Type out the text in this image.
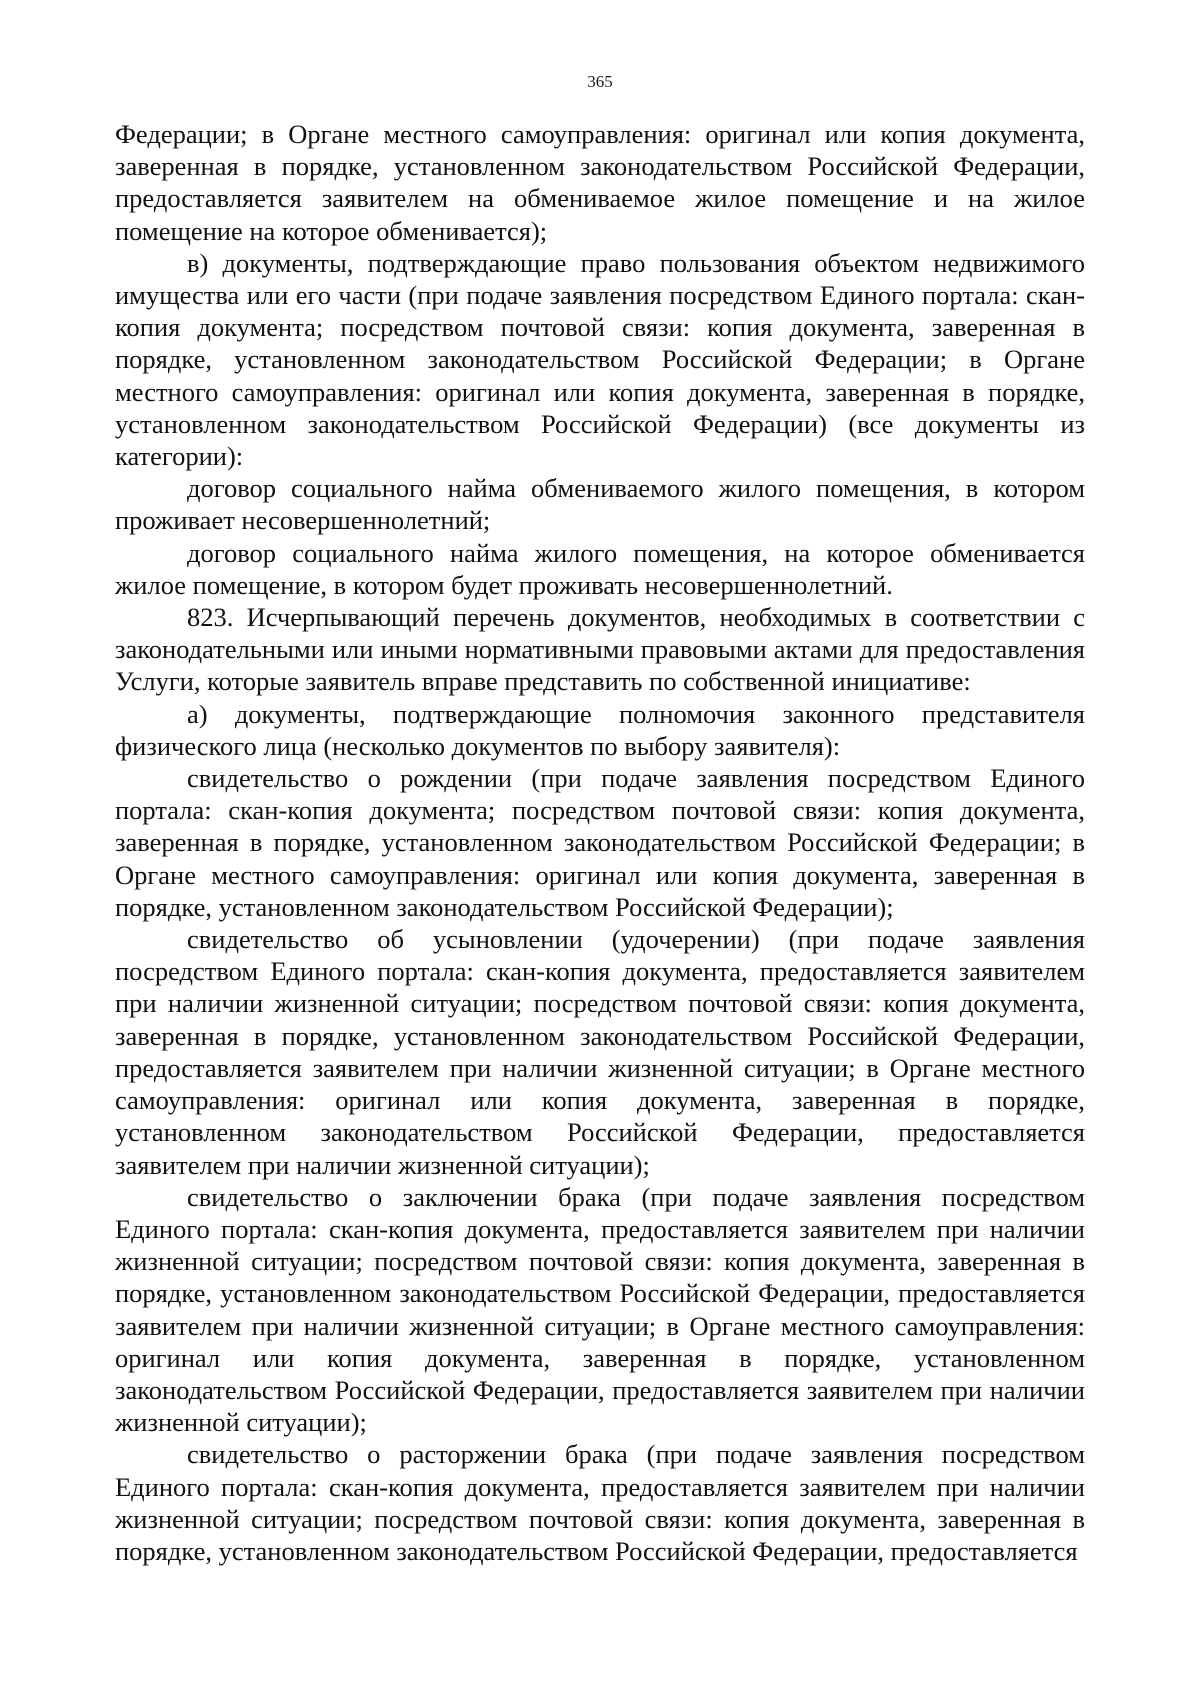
365

Федерации; в Органе местного самоуправления: оригинал или копия документа, заверенная в порядке, установленном законодательством Российской Федерации, предоставляется заявителем на обмениваемое жилое помещение и на жилое помещение на которое обменивается);

в) документы, подтверждающие право пользования объектом недвижимого имущества или его части (при подаче заявления посредством Единого портала: скан-копия документа; посредством почтовой связи: копия документа, заверенная в порядке, установленном законодательством Российской Федерации; в Органе местного самоуправления: оригинал или копия документа, заверенная в порядке, установленном законодательством Российской Федерации) (все документы из категории):

договор социального найма обмениваемого жилого помещения, в котором проживает несовершеннолетний;

договор социального найма жилого помещения, на которое обменивается жилое помещение, в котором будет проживать несовершеннолетний.

823. Исчерпывающий перечень документов, необходимых в соответствии с законодательными или иными нормативными правовыми актами для предоставления Услуги, которые заявитель вправе представить по собственной инициативе:

а) документы, подтверждающие полномочия законного представителя физического лица (несколько документов по выбору заявителя):

свидетельство о рождении (при подаче заявления посредством Единого портала: скан-копия документа; посредством почтовой связи: копия документа, заверенная в порядке, установленном законодательством Российской Федерации; в Органе местного самоуправления: оригинал или копия документа, заверенная в порядке, установленном законодательством Российской Федерации);

свидетельство об усыновлении (удочерении) (при подаче заявления посредством Единого портала: скан-копия документа, предоставляется заявителем при наличии жизненной ситуации; посредством почтовой связи: копия документа, заверенная в порядке, установленном законодательством Российской Федерации, предоставляется заявителем при наличии жизненной ситуации; в Органе местного самоуправления: оригинал или копия документа, заверенная в порядке, установленном законодательством Российской Федерации, предоставляется заявителем при наличии жизненной ситуации);

свидетельство о заключении брака (при подаче заявления посредством Единого портала: скан-копия документа, предоставляется заявителем при наличии жизненной ситуации; посредством почтовой связи: копия документа, заверенная в порядке, установленном законодательством Российской Федерации, предоставляется заявителем при наличии жизненной ситуации; в Органе местного самоуправления: оригинал или копия документа, заверенная в порядке, установленном законодательством Российской Федерации, предоставляется заявителем при наличии жизненной ситуации);

свидетельство о расторжении брака (при подаче заявления посредством Единого портала: скан-копия документа, предоставляется заявителем при наличии жизненной ситуации; посредством почтовой связи: копия документа, заверенная в порядке, установленном законодательством Российской Федерации, предоставляется
